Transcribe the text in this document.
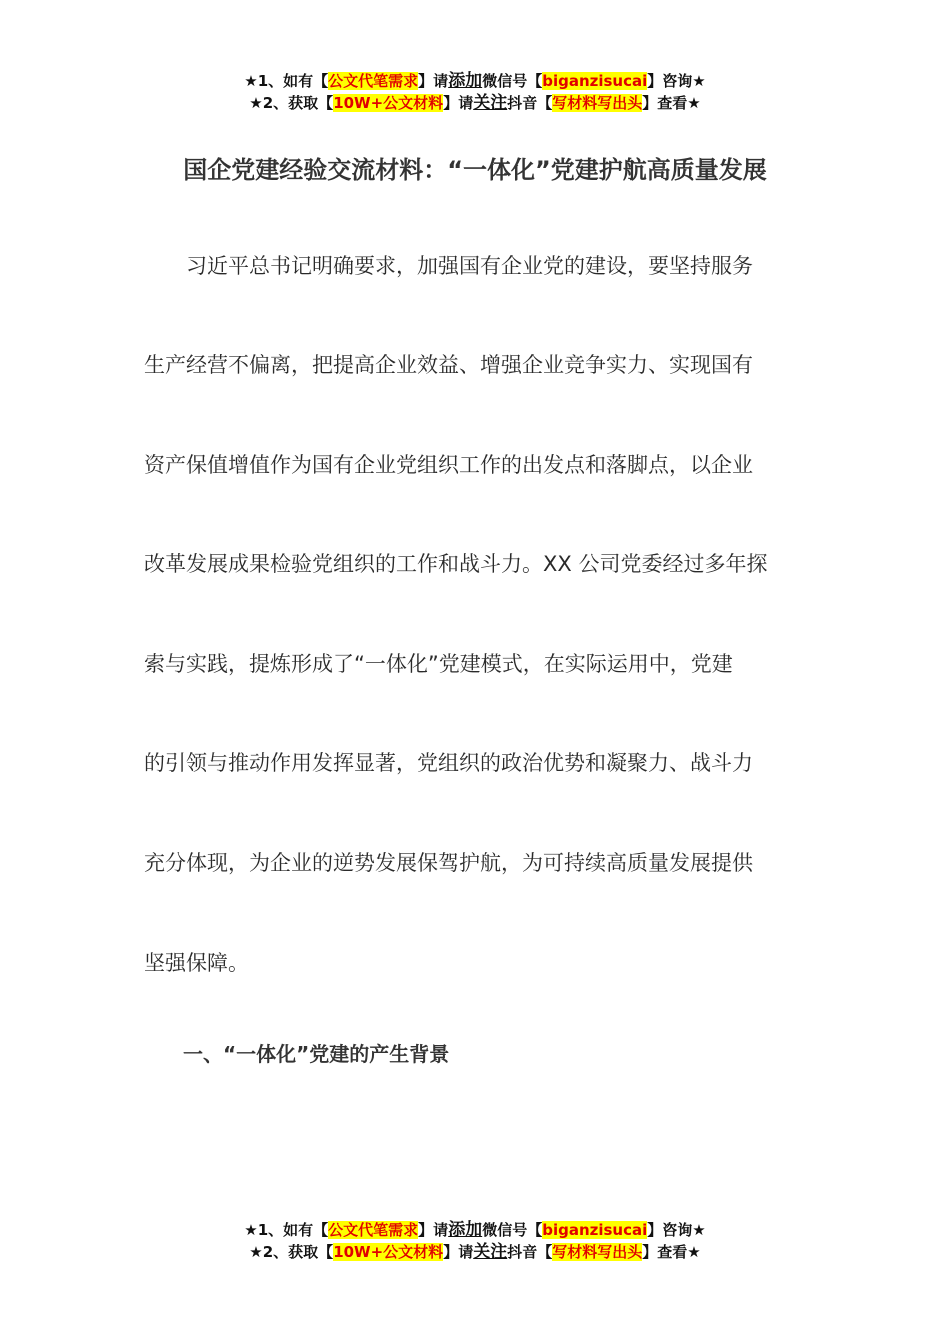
★1、如有【公文代笔需求】请添加微信号【biganzisucai】咨询★
★2、获取【10W+公文材料】请关注抖音【写材料写出头】查看★
国企党建经验交流材料：“一体化”党建护航高质量发展
　　习近平总书记明确要求，加强国有企业党的建设，要坚持服务
生产经营不偏离，把提高企业效益、增强企业竞争实力、实现国有
资产保值增值作为国有企业党组织工作的出发点和落脚点，以企业
改革发展成果检验党组织的工作和战斗力。XX 公司党委经过多年探
索与实践，提炼形成了“一体化”党建模式，在实际运用中，党建
的引领与推动作用发挥显著，党组织的政治优势和凝聚力、战斗力
充分体现，为企业的逆势发展保驾护航，为可持续高质量发展提供
坚强保障。
一、“一体化”党建的产生背景
★1、如有【公文代笔需求】请添加微信号【biganzisucai】咨询★
★2、获取【10W+公文材料】请关注抖音【写材料写出头】查看★
